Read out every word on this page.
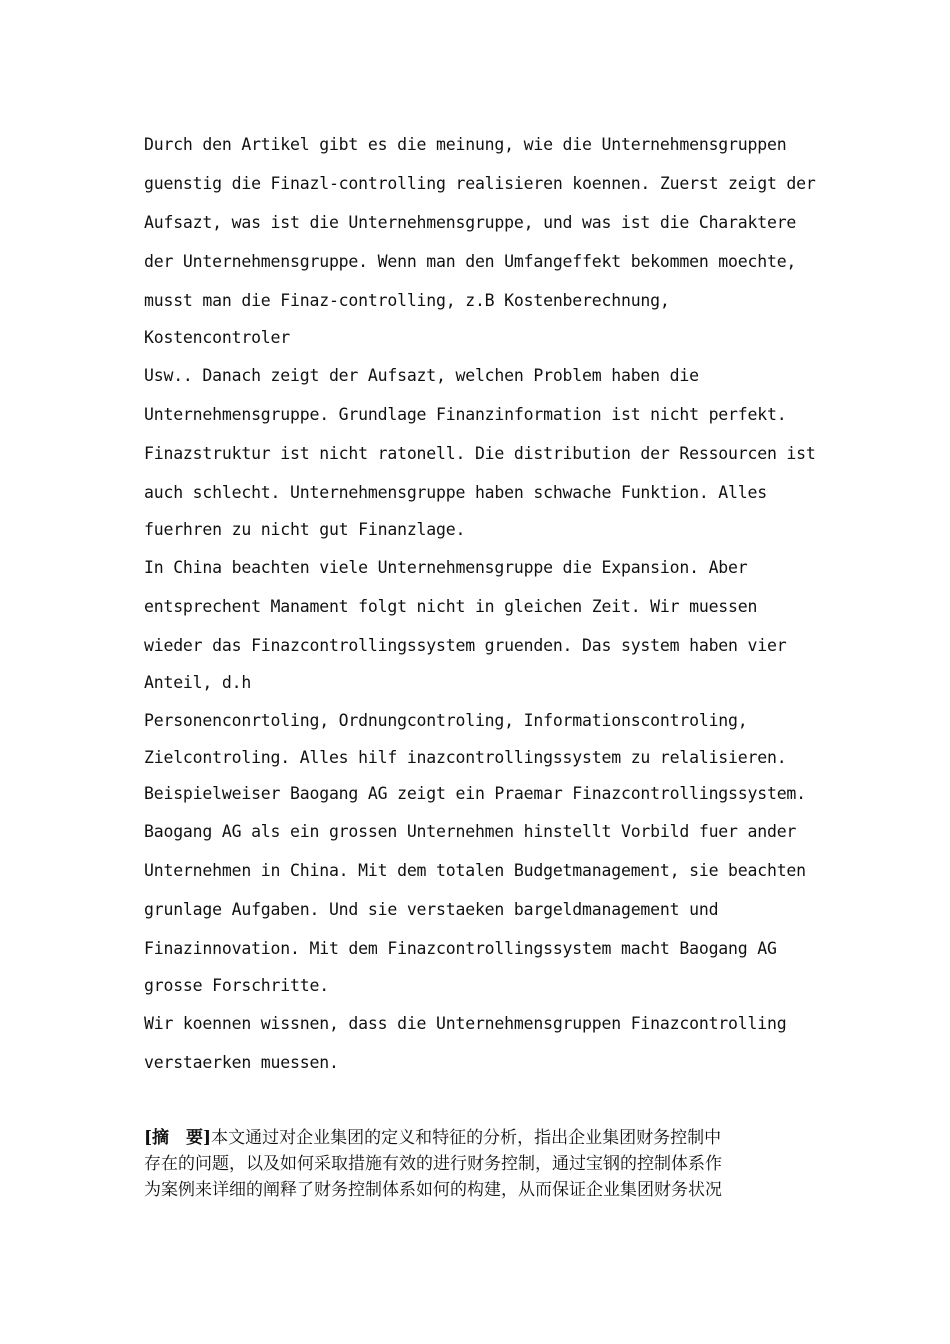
Durch den Artikel gibt es die meinung, wie die Unternehmensgruppen
guenstig die Finazl-controlling realisieren koennen. Zuerst zeigt der
Aufsazt, was ist die Unternehmensgruppe, und was ist die Charaktere
der Unternehmensgruppe. Wenn man den Umfangeffekt bekommen moechte,
musst man die Finaz-controlling, z.B Kostenberechnung,
Kostencontroler
Usw.. Danach zeigt der Aufsazt, welchen Problem haben die
Unternehmensgruppe. Grundlage Finanzinformation ist nicht perfekt.
Finazstruktur ist nicht ratonell. Die distribution der Ressourcen ist
auch schlecht. Unternehmensgruppe haben schwache Funktion. Alles
fuerhren zu nicht gut Finanzlage.
In China beachten viele Unternehmensgruppe die Expansion. Aber
entsprechent Manament folgt nicht in gleichen Zeit. Wir muessen
wieder das Finazcontrollingssystem gruenden. Das system haben vier
Anteil, d.h
Personenconrtoling, Ordnungcontroling, Informationscontroling,
Zielcontroling. Alles hilf inazcontrollingssystem zu relalisieren.
Beispielweiser Baogang AG zeigt ein Praemar Finazcontrollingssystem.
Baogang AG als ein grossen Unternehmen hinstellt Vorbild fuer ander
Unternehmen in China. Mit dem totalen Budgetmanagement, sie beachten
grunlage Aufgaben. Und sie verstaeken bargeldmanagement und
Finazinnovation. Mit dem Finazcontrollingssystem macht Baogang AG
grosse Forschritte.
Wir koennen wissnen, dass die Unternehmensgruppen Finazcontrolling
verstaerken muessen.
[摘　要]本文通过对企业集团的定义和特征的分析，指出企业集团财务控制中
存在的问题，以及如何采取措施有效的进行财务控制，通过宝钢的控制体系作
为案例来详细的阐释了财务控制体系如何的构建，从而保证企业集团财务状况
